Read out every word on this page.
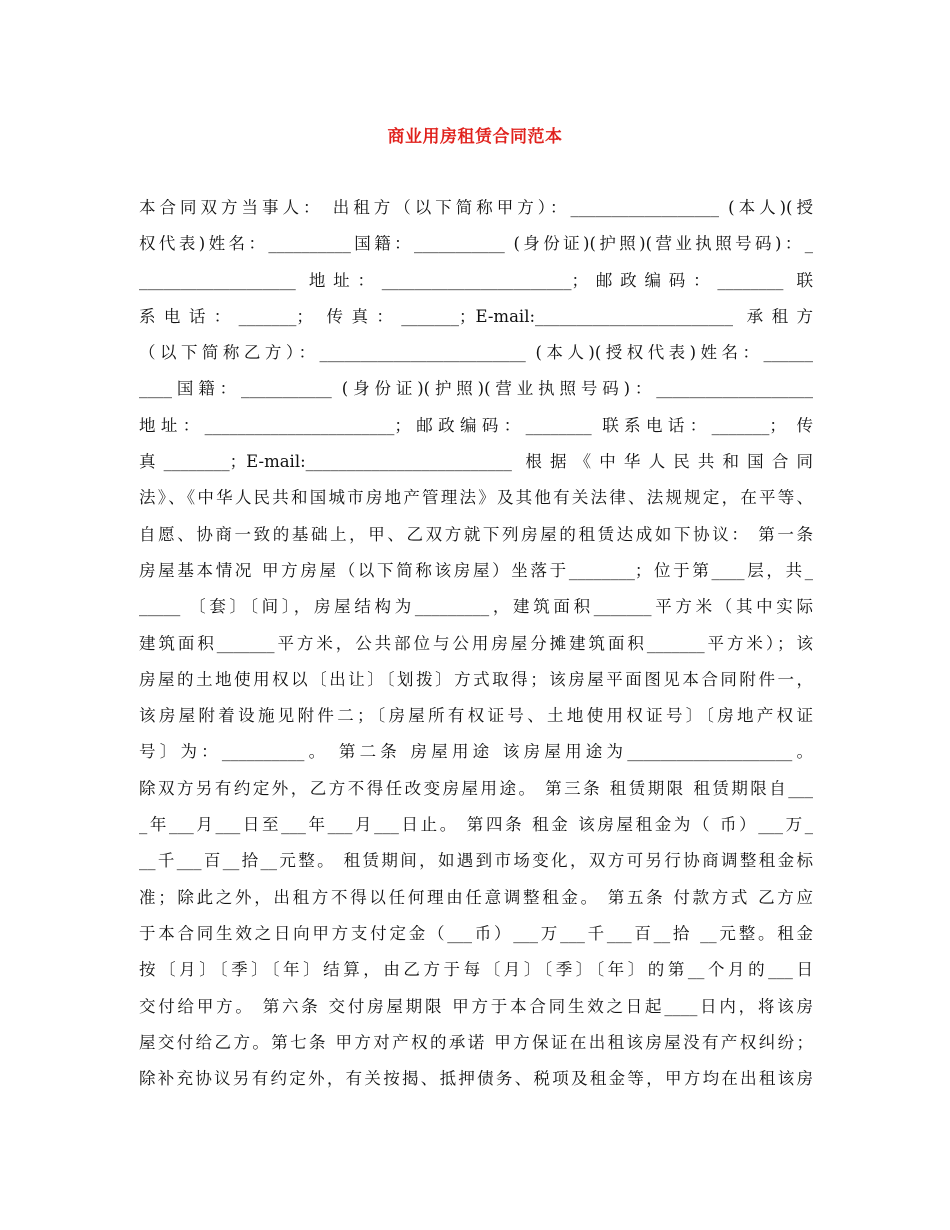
商业用房租赁合同范本
本合同双方当事人： 出租方（以下简称甲方）：__________________ (本人)(授
权代表)姓名：__________国籍：___________ (身份证)(护照)(营业执照号码)：_
___________________ 地址：_______________________；邮政编码：________ 联
系电话：_______； 传真：_______；E-mail:________________________ 承租方
（以下简称乙方）：_________________________ (本人)(授权代表)姓名：______
____国籍：___________ (身份证)(护照)(营业执照号码)：___________________
地址：_______________________；邮政编码：________ 联系电话：_______； 传
真________；E-mail:_________________________ 根据《中华人民共和国合同
法》、《中华人民共和国城市房地产管理法》及其他有关法律、法规规定，在平等、
自愿、协商一致的基础上，甲、乙双方就下列房屋的租赁达成如下协议： 第一条
房屋基本情况 甲方房屋（以下简称该房屋）坐落于________；位于第____层，共_
_____ 〔套〕〔间〕，房屋结构为_________，建筑面积_______平方米（其中实际
建筑面积_______平方米，公共部位与公用房屋分摊建筑面积_______平方米）；该
房屋的土地使用权以〔出让〕〔划拨〕方式取得；该房屋平面图见本合同附件一，
该房屋附着设施见附件二；〔房屋所有权证号、土地使用权证号〕〔房地产权证
号〕为：__________。 第二条 房屋用途 该房屋用途为____________________。
除双方另有约定外，乙方不得任改变房屋用途。 第三条 租赁期限 租赁期限自___
_年___月___日至___年___月___日止。 第四条 租金 该房屋租金为（ 币）___万_
__千___百__拾__元整。 租赁期间，如遇到市场变化，双方可另行协商调整租金标
准；除此之外，出租方不得以任何理由任意调整租金。 第五条 付款方式 乙方应
于本合同生效之日向甲方支付定金（___币）___万___千___百__拾 __元整。租金
按〔月〕〔季〕〔年〕结算，由乙方于每〔月〕〔季〕〔年〕的第__个月的___日
交付给甲方。 第六条 交付房屋期限 甲方于本合同生效之日起____日内，将该房
屋交付给乙方。第七条 甲方对产权的承诺 甲方保证在出租该房屋没有产权纠纷；
除补充协议另有约定外，有关按揭、抵押债务、税项及租金等，甲方均在出租该房
